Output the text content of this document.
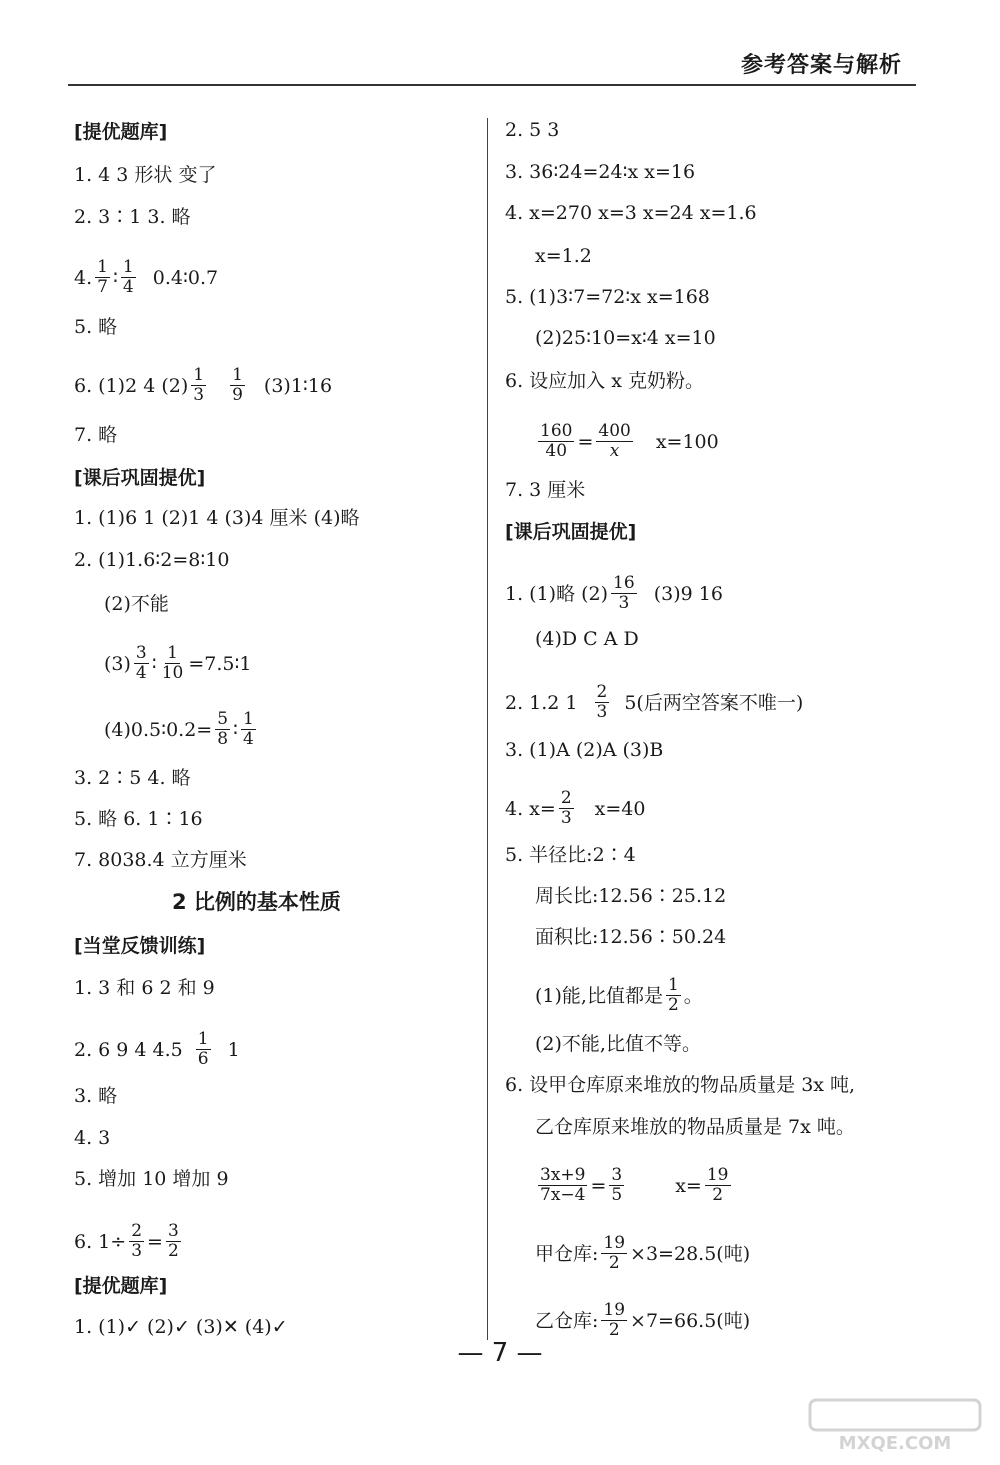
参考答案与解析
[提优题库]
1. 4 3 形状 变了
2. 3∶1 3. 略
4. $\frac{1}{7}$ ∶ $\frac{1}{4}$ 0.4∶0.7
5. 略
6. (1)2 4 $(2) \frac{1}{3} \frac{1}{9}$ (3)1∶16
7. 略
[课后巩固提优]
1. (1)6 1 (2)1 4 (3)4 厘米 (4)略
2. (1)1.6∶2=8∶10
(2)不能
$(3) \frac{3}{4}$ ∶ $\frac{1}{10}$ =7.5∶1
(4)0.5∶0.2= $\frac{5}{8}$ ∶ $\frac{1}{4}$
3. 2∶5 4. 略
5. 略 6. 1∶16
7. 8038.4 立方厘米
2 比例的基本性质
[当堂反馈训练]
1. 3 和 6 2 和 9
2. 6 9 4 $4.5 \frac{1}{6} 1$
3. 略
4. 3
5. 增加 10 增加 9
6. $1\div \frac{2}{3} = \frac{3}{2}$
[提优题库]
1. (1)✓ (2)✓ (3)✕ (4)✓
2. 5 3
3. 36∶24=24∶x x=16
4. x=270 x=3 x=24 x=1.6
x=1.2
5. (1)3∶7=72∶x x=168
(2)25∶10=x∶4 x=10
6. 设应加入 x 克奶粉。
$\frac{160}{40} = \frac{400}{x} x=100$
7. 3 厘米
[课后巩固提优]
1. (1)略 $(2) \frac{16}{3} (3)9$ 16
(4)D C A D
2. 1.2 $1 \frac{2}{3} 5$(后两空答案不唯一)
3. (1)A (2)A (3)B
4. $x= \frac{2}{3} x=40$
5. 半径比:2∶4
周长比:12.56∶25.12
面积比:12.56∶50.24
(1)能,比值都是 $\frac{1}{2}$ 。
(2)不能,比值不等。
6. 设甲仓库原来堆放的物品质量是 3x 吨,
乙仓库原来堆放的物品质量是 7x 吨。
$\frac{3x+9}{7x-4} = \frac{3}{5}$	$x= \frac{19}{2}$
甲仓库: $\frac{19}{2} \times 3=28.5$(吨)
乙仓库: $\frac{19}{2} \times 7=66.5$(吨)
— 7 —
MXQE.COM
